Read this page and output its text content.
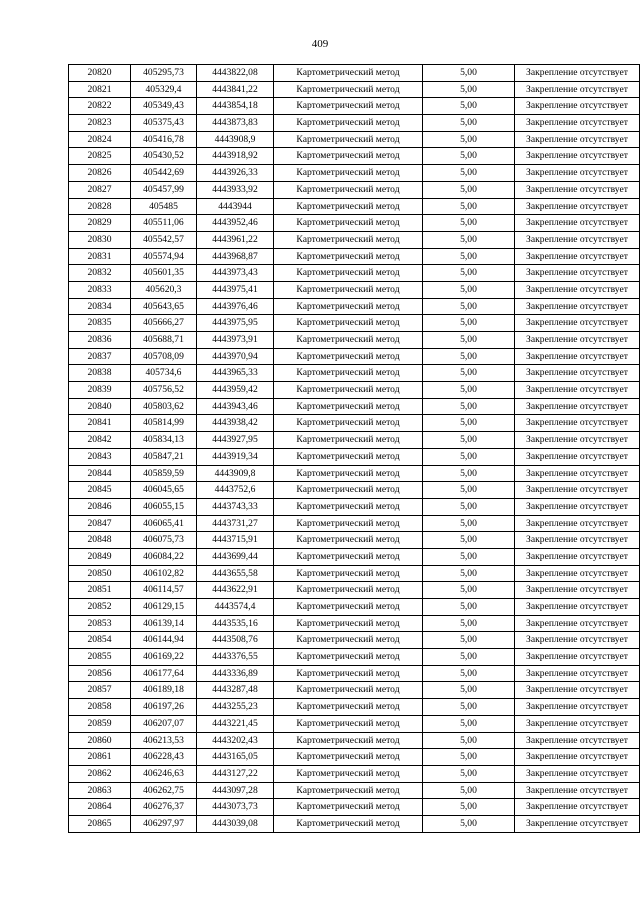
409
20820	405295,73	4443822,08	Картометрический метод	5,00	Закрепление отсутствует
20821	405329,4	4443841,22	Картометрический метод	5,00	Закрепление отсутствует
20822	405349,43	4443854,18	Картометрический метод	5,00	Закрепление отсутствует
20823	405375,43	4443873,83	Картометрический метод	5,00	Закрепление отсутствует
20824	405416,78	4443908,9	Картометрический метод	5,00	Закрепление отсутствует
20825	405430,52	4443918,92	Картометрический метод	5,00	Закрепление отсутствует
20826	405442,69	4443926,33	Картометрический метод	5,00	Закрепление отсутствует
20827	405457,99	4443933,92	Картометрический метод	5,00	Закрепление отсутствует
20828	405485	4443944	Картометрический метод	5,00	Закрепление отсутствует
20829	405511,06	4443952,46	Картометрический метод	5,00	Закрепление отсутствует
20830	405542,57	4443961,22	Картометрический метод	5,00	Закрепление отсутствует
20831	405574,94	4443968,87	Картометрический метод	5,00	Закрепление отсутствует
20832	405601,35	4443973,43	Картометрический метод	5,00	Закрепление отсутствует
20833	405620,3	4443975,41	Картометрический метод	5,00	Закрепление отсутствует
20834	405643,65	4443976,46	Картометрический метод	5,00	Закрепление отсутствует
20835	405666,27	4443975,95	Картометрический метод	5,00	Закрепление отсутствует
20836	405688,71	4443973,91	Картометрический метод	5,00	Закрепление отсутствует
20837	405708,09	4443970,94	Картометрический метод	5,00	Закрепление отсутствует
20838	405734,6	4443965,33	Картометрический метод	5,00	Закрепление отсутствует
20839	405756,52	4443959,42	Картометрический метод	5,00	Закрепление отсутствует
20840	405803,62	4443943,46	Картометрический метод	5,00	Закрепление отсутствует
20841	405814,99	4443938,42	Картометрический метод	5,00	Закрепление отсутствует
20842	405834,13	4443927,95	Картометрический метод	5,00	Закрепление отсутствует
20843	405847,21	4443919,34	Картометрический метод	5,00	Закрепление отсутствует
20844	405859,59	4443909,8	Картометрический метод	5,00	Закрепление отсутствует
20845	406045,65	4443752,6	Картометрический метод	5,00	Закрепление отсутствует
20846	406055,15	4443743,33	Картометрический метод	5,00	Закрепление отсутствует
20847	406065,41	4443731,27	Картометрический метод	5,00	Закрепление отсутствует
20848	406075,73	4443715,91	Картометрический метод	5,00	Закрепление отсутствует
20849	406084,22	4443699,44	Картометрический метод	5,00	Закрепление отсутствует
20850	406102,82	4443655,58	Картометрический метод	5,00	Закрепление отсутствует
20851	406114,57	4443622,91	Картометрический метод	5,00	Закрепление отсутствует
20852	406129,15	4443574,4	Картометрический метод	5,00	Закрепление отсутствует
20853	406139,14	4443535,16	Картометрический метод	5,00	Закрепление отсутствует
20854	406144,94	4443508,76	Картометрический метод	5,00	Закрепление отсутствует
20855	406169,22	4443376,55	Картометрический метод	5,00	Закрепление отсутствует
20856	406177,64	4443336,89	Картометрический метод	5,00	Закрепление отсутствует
20857	406189,18	4443287,48	Картометрический метод	5,00	Закрепление отсутствует
20858	406197,26	4443255,23	Картометрический метод	5,00	Закрепление отсутствует
20859	406207,07	4443221,45	Картометрический метод	5,00	Закрепление отсутствует
20860	406213,53	4443202,43	Картометрический метод	5,00	Закрепление отсутствует
20861	406228,43	4443165,05	Картометрический метод	5,00	Закрепление отсутствует
20862	406246,63	4443127,22	Картометрический метод	5,00	Закрепление отсутствует
20863	406262,75	4443097,28	Картометрический метод	5,00	Закрепление отсутствует
20864	406276,37	4443073,73	Картометрический метод	5,00	Закрепление отсутствует
20865	406297,97	4443039,08	Картометрический метод	5,00	Закрепление отсутствует
